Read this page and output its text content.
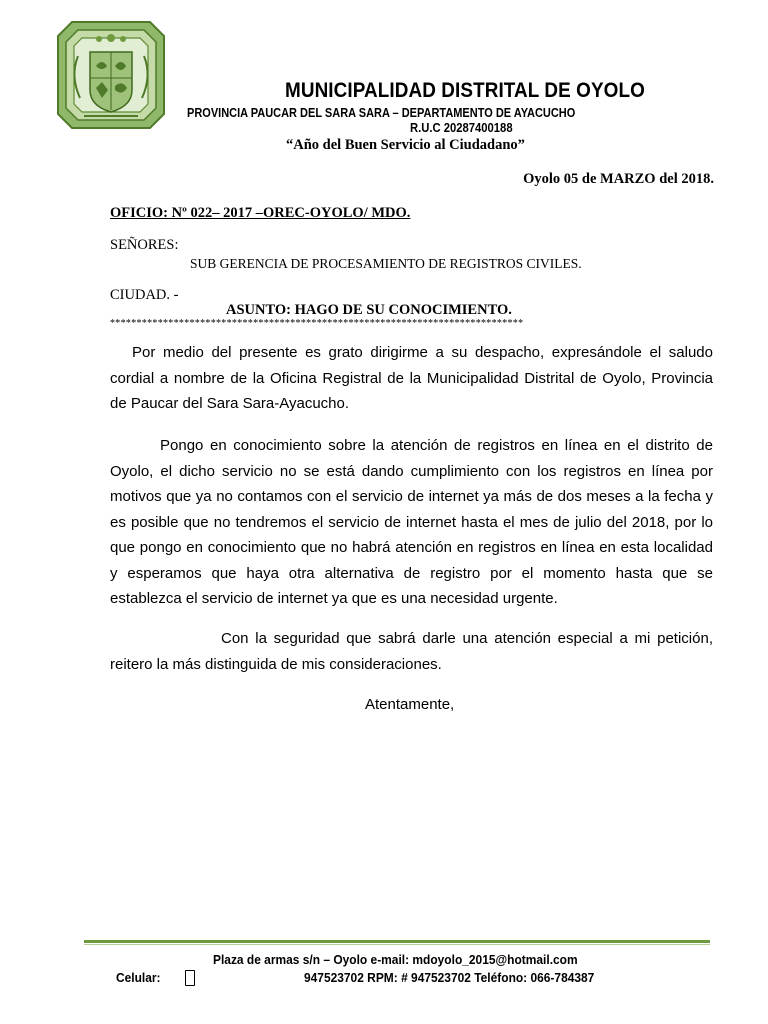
MUNICIPALIDAD DISTRITAL DE OYOLO
PROVINCIA PAUCAR DEL SARA SARA – DEPARTAMENTO DE AYACUCHO
R.U.C 20287400188
“Año del Buen Servicio al Ciudadano”
Oyolo 05 de MARZO del 2018.
OFICIO: Nº 022– 2017 –OREC-OYOLO/ MDO.
SEÑORES:
SUB GERENCIA DE PROCESAMIENTO DE REGISTROS CIVILES.
CIUDAD. -
ASUNTO: HAGO DE SU CONOCIMIENTO.
******************************************************************************
Por medio del presente es grato dirigirme a su despacho, expresándole el saludo cordial a nombre de la Oficina Registral de la Municipalidad Distrital de Oyolo, Provincia de Paucar del Sara Sara-Ayacucho.
Pongo en conocimiento sobre la atención de registros en línea en el distrito de Oyolo, el dicho servicio no se está dando cumplimiento con los registros en línea por motivos que ya no contamos con el servicio de internet ya más de dos meses a la fecha y es posible que no tendremos el servicio de internet hasta el mes de julio del 2018, por lo que pongo en conocimiento que no habrá atención en registros en línea en esta localidad y esperamos que haya otra alternativa de registro por el momento hasta que se establezca el servicio de internet ya que es una necesidad urgente.
Con la seguridad que sabrá darle una atención especial a mi petición, reitero la más distinguida de mis consideraciones.
Atentamente,
Plaza de armas s/n – Oyolo e-mail: mdoyolo_2015@hotmail.com
Celular:	947523702 RPM: # 947523702 Teléfono: 066-784387
